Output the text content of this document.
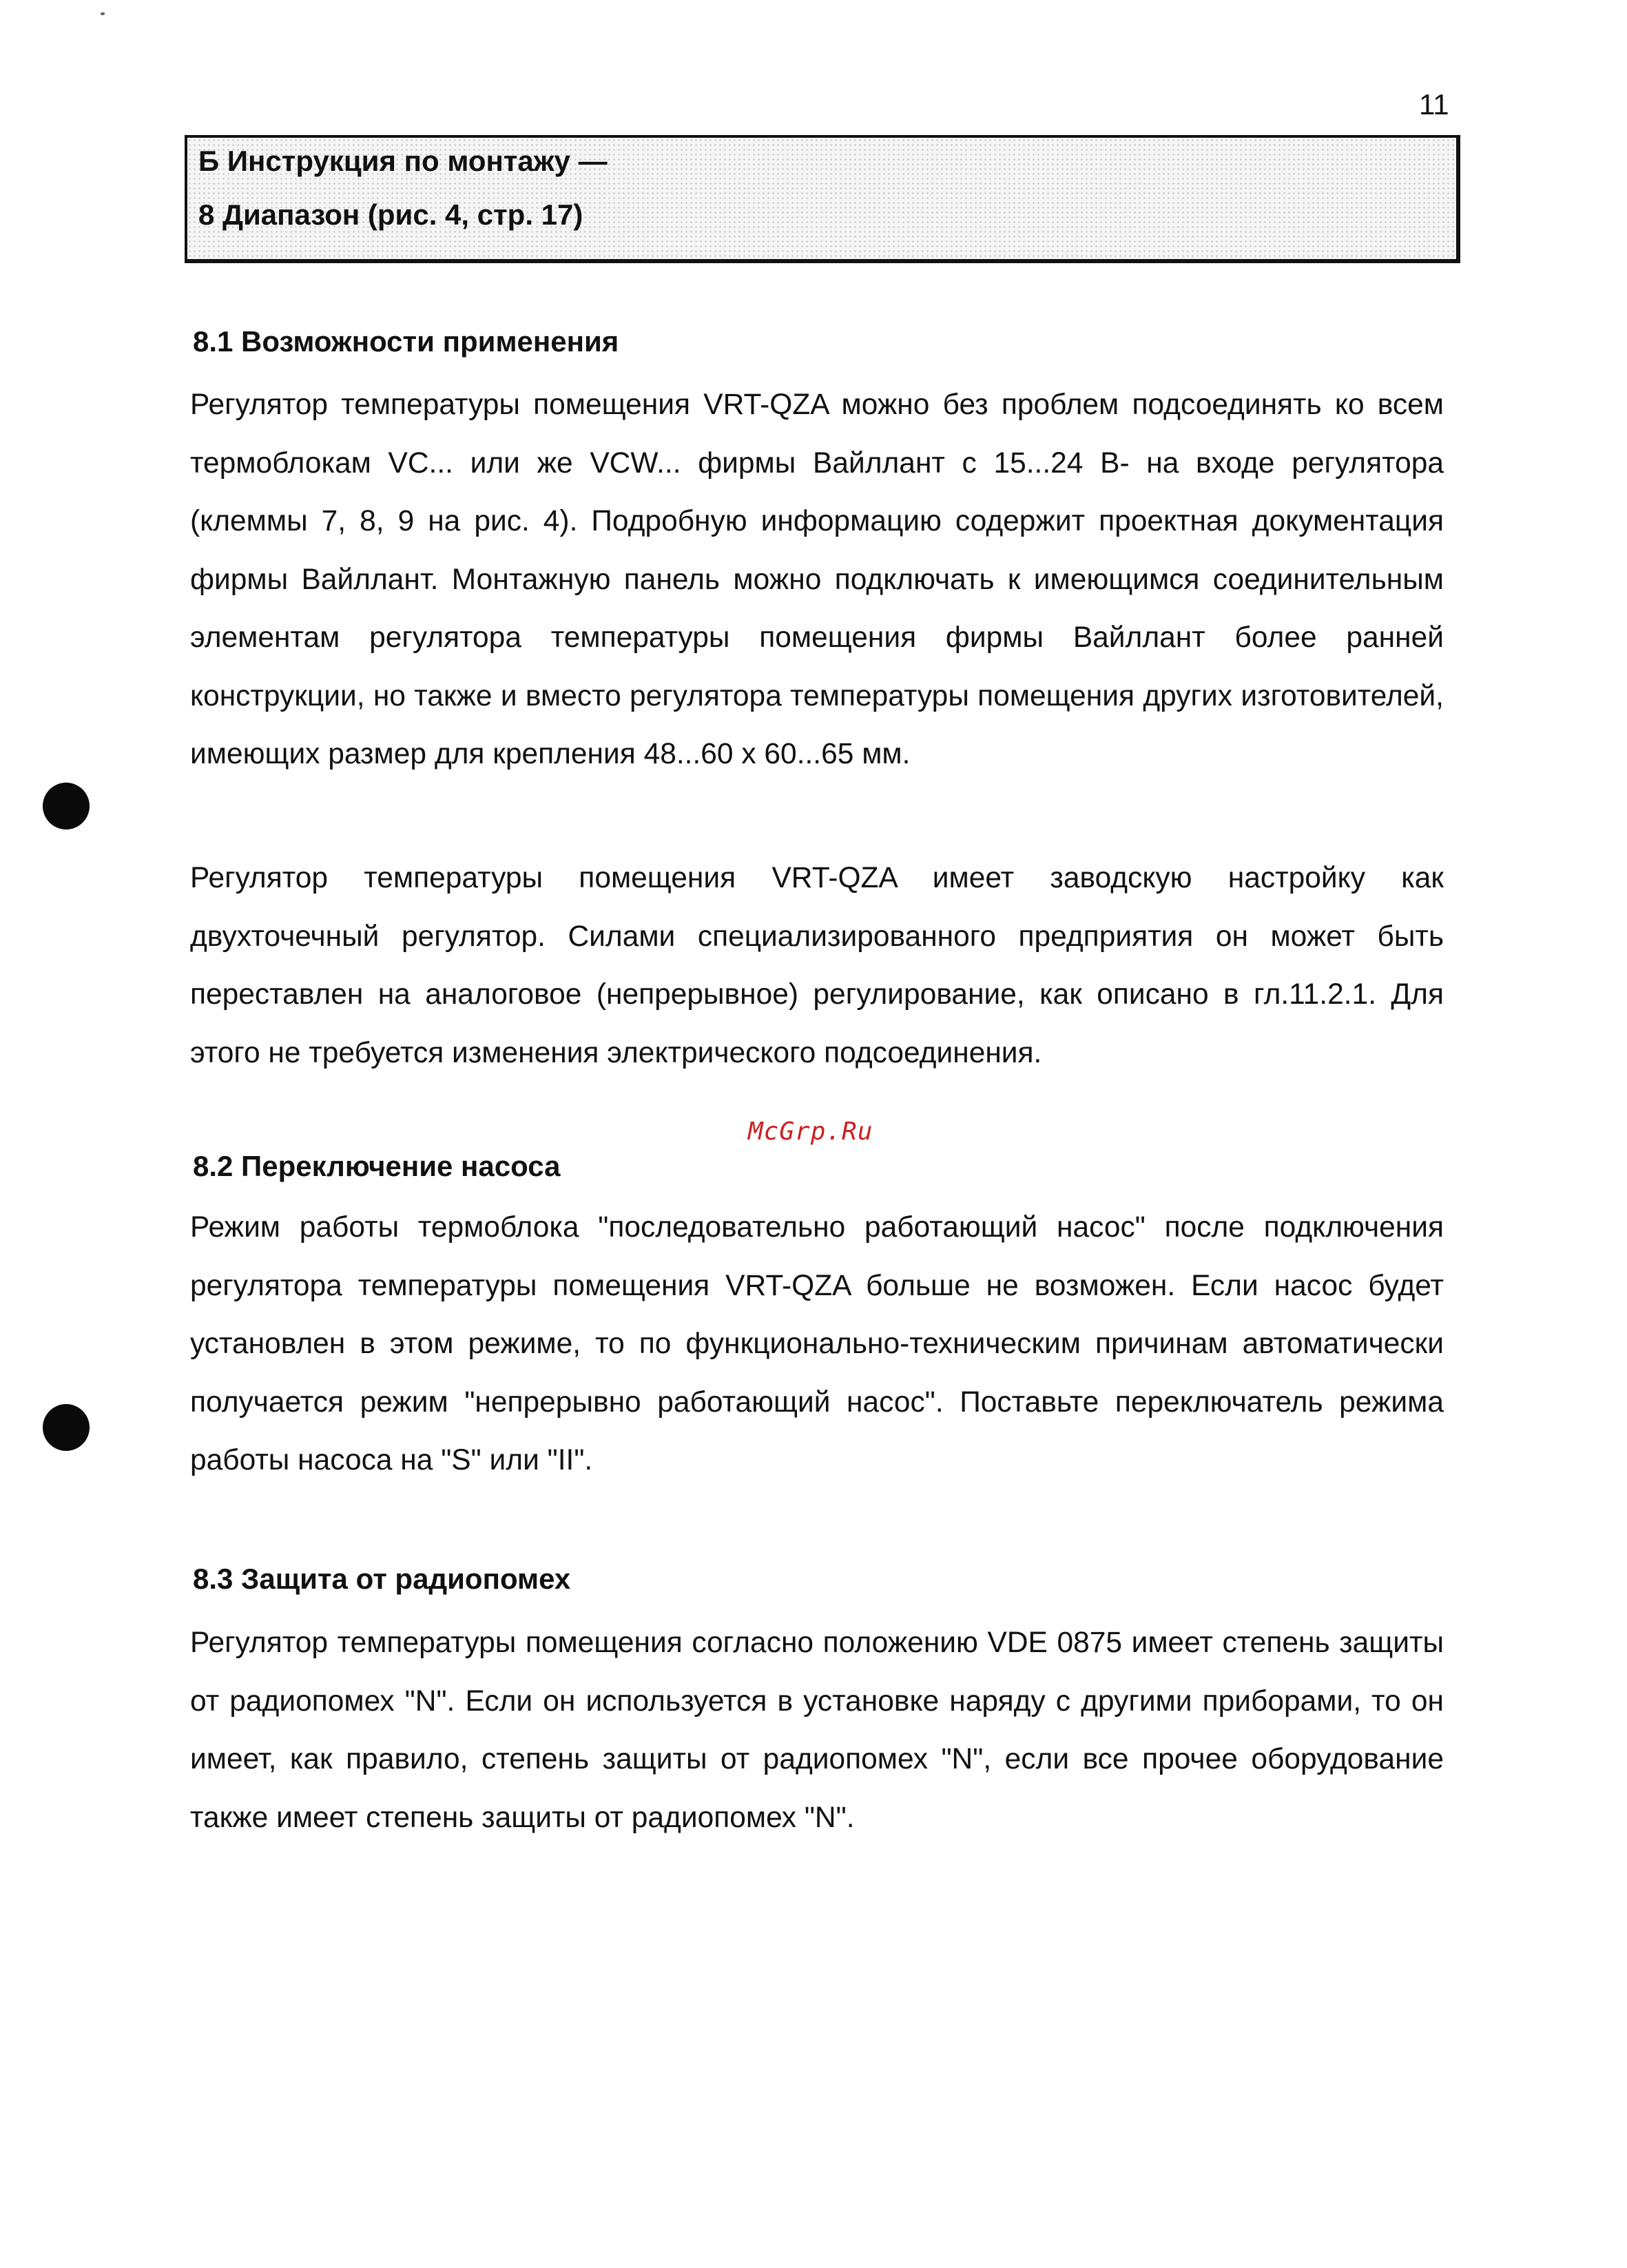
11
Б Инструкция по монтажу —
8 Диапазон (рис. 4, стр. 17)
8.1 Возможности применения
Регулятор температуры помещения VRT-QZA можно без проблем подсоединять ко всем термоблокам VC... или же VCW... фирмы Вайллант с 15...24 В- на входе регулятора (клеммы 7, 8, 9 на рис. 4). Подробную информацию содержит проектная документация фирмы Вайллант. Монтажную панель можно подключать к имеющимся соединительным элементам регулятора температуры помещения фирмы Вайллант более ранней конструкции, но также и вместо регулятора температуры помещения других изготовителей, имеющих размер для крепления 48...60 x 60...65 мм.
Регулятор температуры помещения VRT-QZA имеет заводскую настройку как двухточечный регулятор. Силами специализированного предприятия он может быть переставлен на аналоговое (непрерывное) регулирование, как описано в гл.11.2.1. Для этого не требуется изменения электрического подсоединения.
McGrp.Ru
8.2 Переключение насоса
Режим работы термоблока "последовательно работающий насос" после подключения регулятора температуры помещения VRT-QZA больше не возможен. Если насос будет установлен в этом режиме, то по функционально-техническим причинам автоматически получается режим "непрерывно работающий насос". Поставьте переключатель режима работы насоса на "S" или "II".
8.3 Защита от радиопомех
Регулятор температуры помещения согласно положению VDE 0875 имеет степень защиты от радиопомех "N". Если он используется в установке наряду с другими приборами, то он имеет, как правило, степень защиты от радиопомех "N", если все прочее оборудование также имеет степень защиты от радиопомех "N".
